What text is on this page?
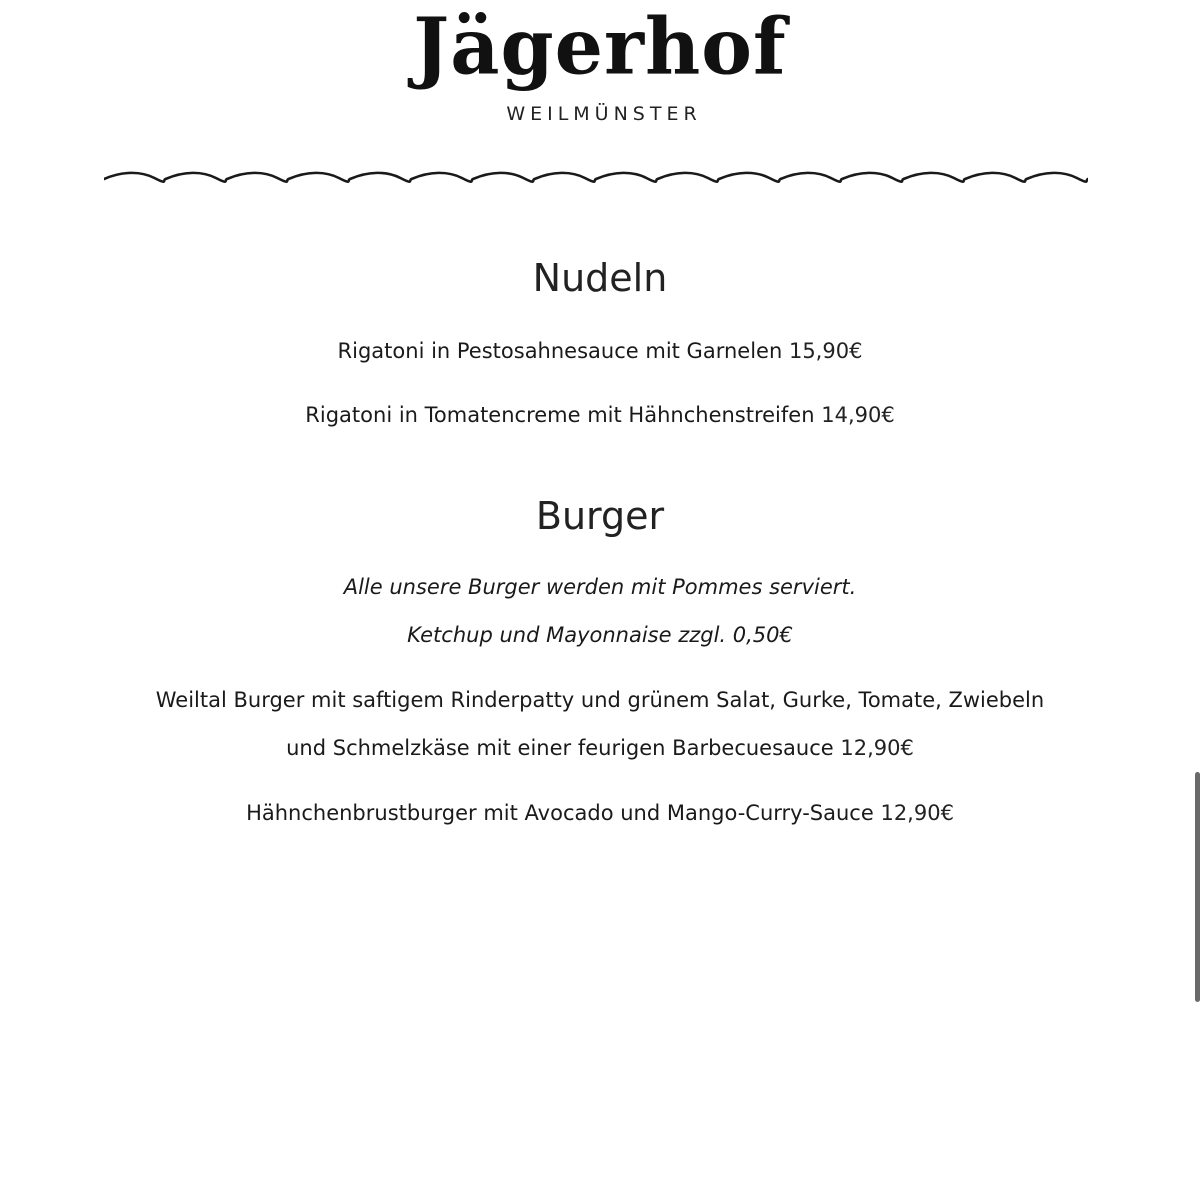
Jägerhof
WEILMÜNSTER
Nudeln
Rigatoni in Pestosahnesauce mit Garnelen 15,90€
Rigatoni in Tomatencreme mit Hähnchenstreifen 14,90€
Burger
Alle unsere Burger werden mit Pommes serviert.
Ketchup und Mayonnaise zzgl. 0,50€
Weiltal Burger mit saftigem Rinderpatty und grünem Salat, Gurke, Tomate, Zwiebeln
und Schmelzkäse mit einer feurigen Barbecuesauce 12,90€
Hähnchenbrustburger mit Avocado und Mango-Curry-Sauce 12,90€
